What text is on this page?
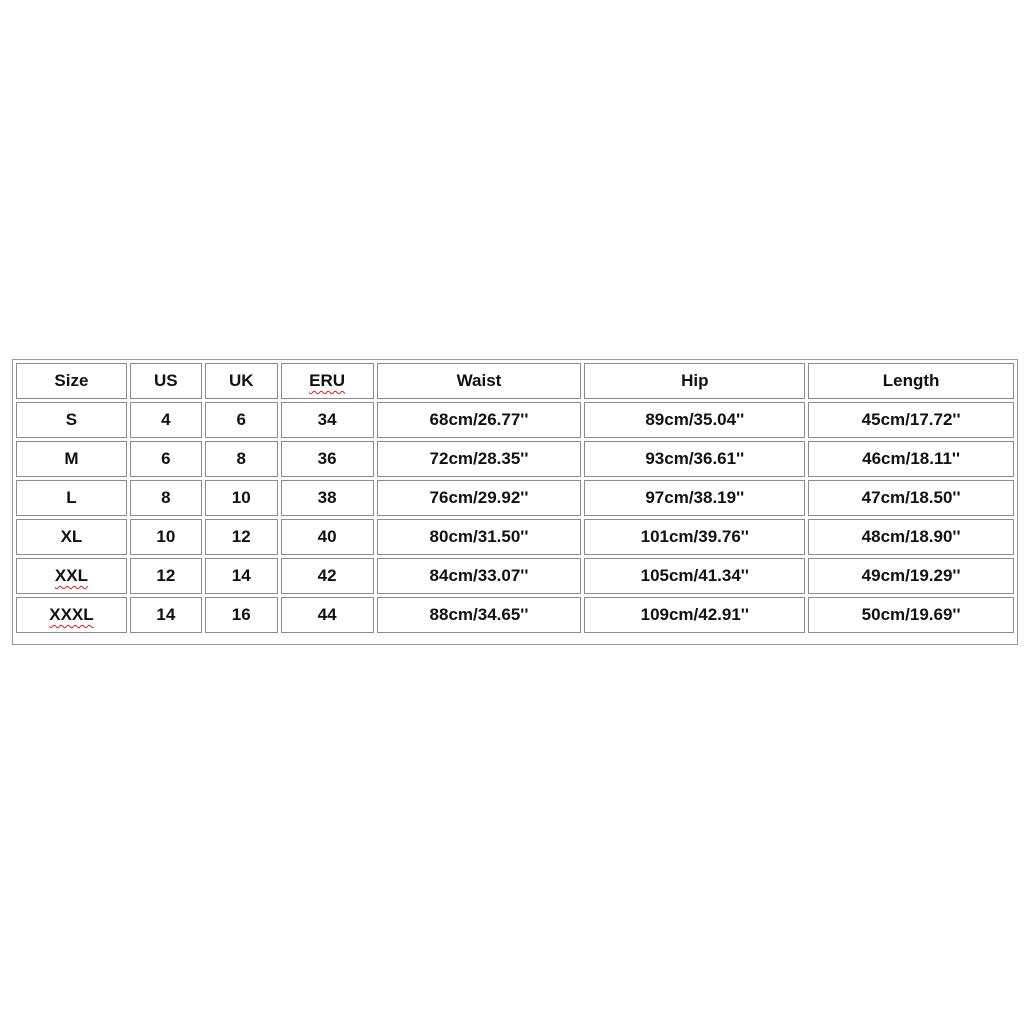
Size	US	UK	ERU	Waist	Hip	Length
S	4	6	34	68cm/26.77''	89cm/35.04''	45cm/17.72''
M	6	8	36	72cm/28.35''	93cm/36.61''	46cm/18.11''
L	8	10	38	76cm/29.92''	97cm/38.19''	47cm/18.50''
XL	10	12	40	80cm/31.50''	101cm/39.76''	48cm/18.90''
XXL	12	14	42	84cm/33.07''	105cm/41.34''	49cm/19.29''
XXXL	14	16	44	88cm/34.65''	109cm/42.91''	50cm/19.69''
